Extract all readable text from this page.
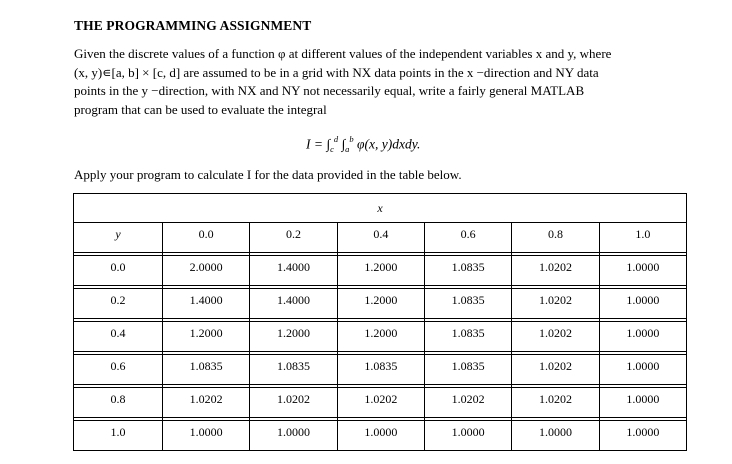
THE PROGRAMMING ASSIGNMENT
Given the discrete values of a function φ at different values of the independent variables x and y, where
(x, y)∊[a, b] × [c, d] are assumed to be in a grid with NX data points in the x −direction and NY data
points in the y −direction, with NX and NY not necessarily equal, write a fairly general MATLAB
program that can be used to evaluate the integral
$I = \int_c^d$ $\int_a^b$ φ(x, y)dxdy.
Apply your program to calculate I for the data provided in the table below.
x						
y	0.0	0.2	0.4	0.6	0.8	1.0

0.0	2.0000	1.4000	1.2000	1.0835	1.0202	1.0000

0.2	1.4000	1.4000	1.2000	1.0835	1.0202	1.0000

0.4	1.2000	1.2000	1.2000	1.0835	1.0202	1.0000

0.6	1.0835	1.0835	1.0835	1.0835	1.0202	1.0000

0.8	1.0202	1.0202	1.0202	1.0202	1.0202	1.0000

1.0	1.0000	1.0000	1.0000	1.0000	1.0000	1.0000
